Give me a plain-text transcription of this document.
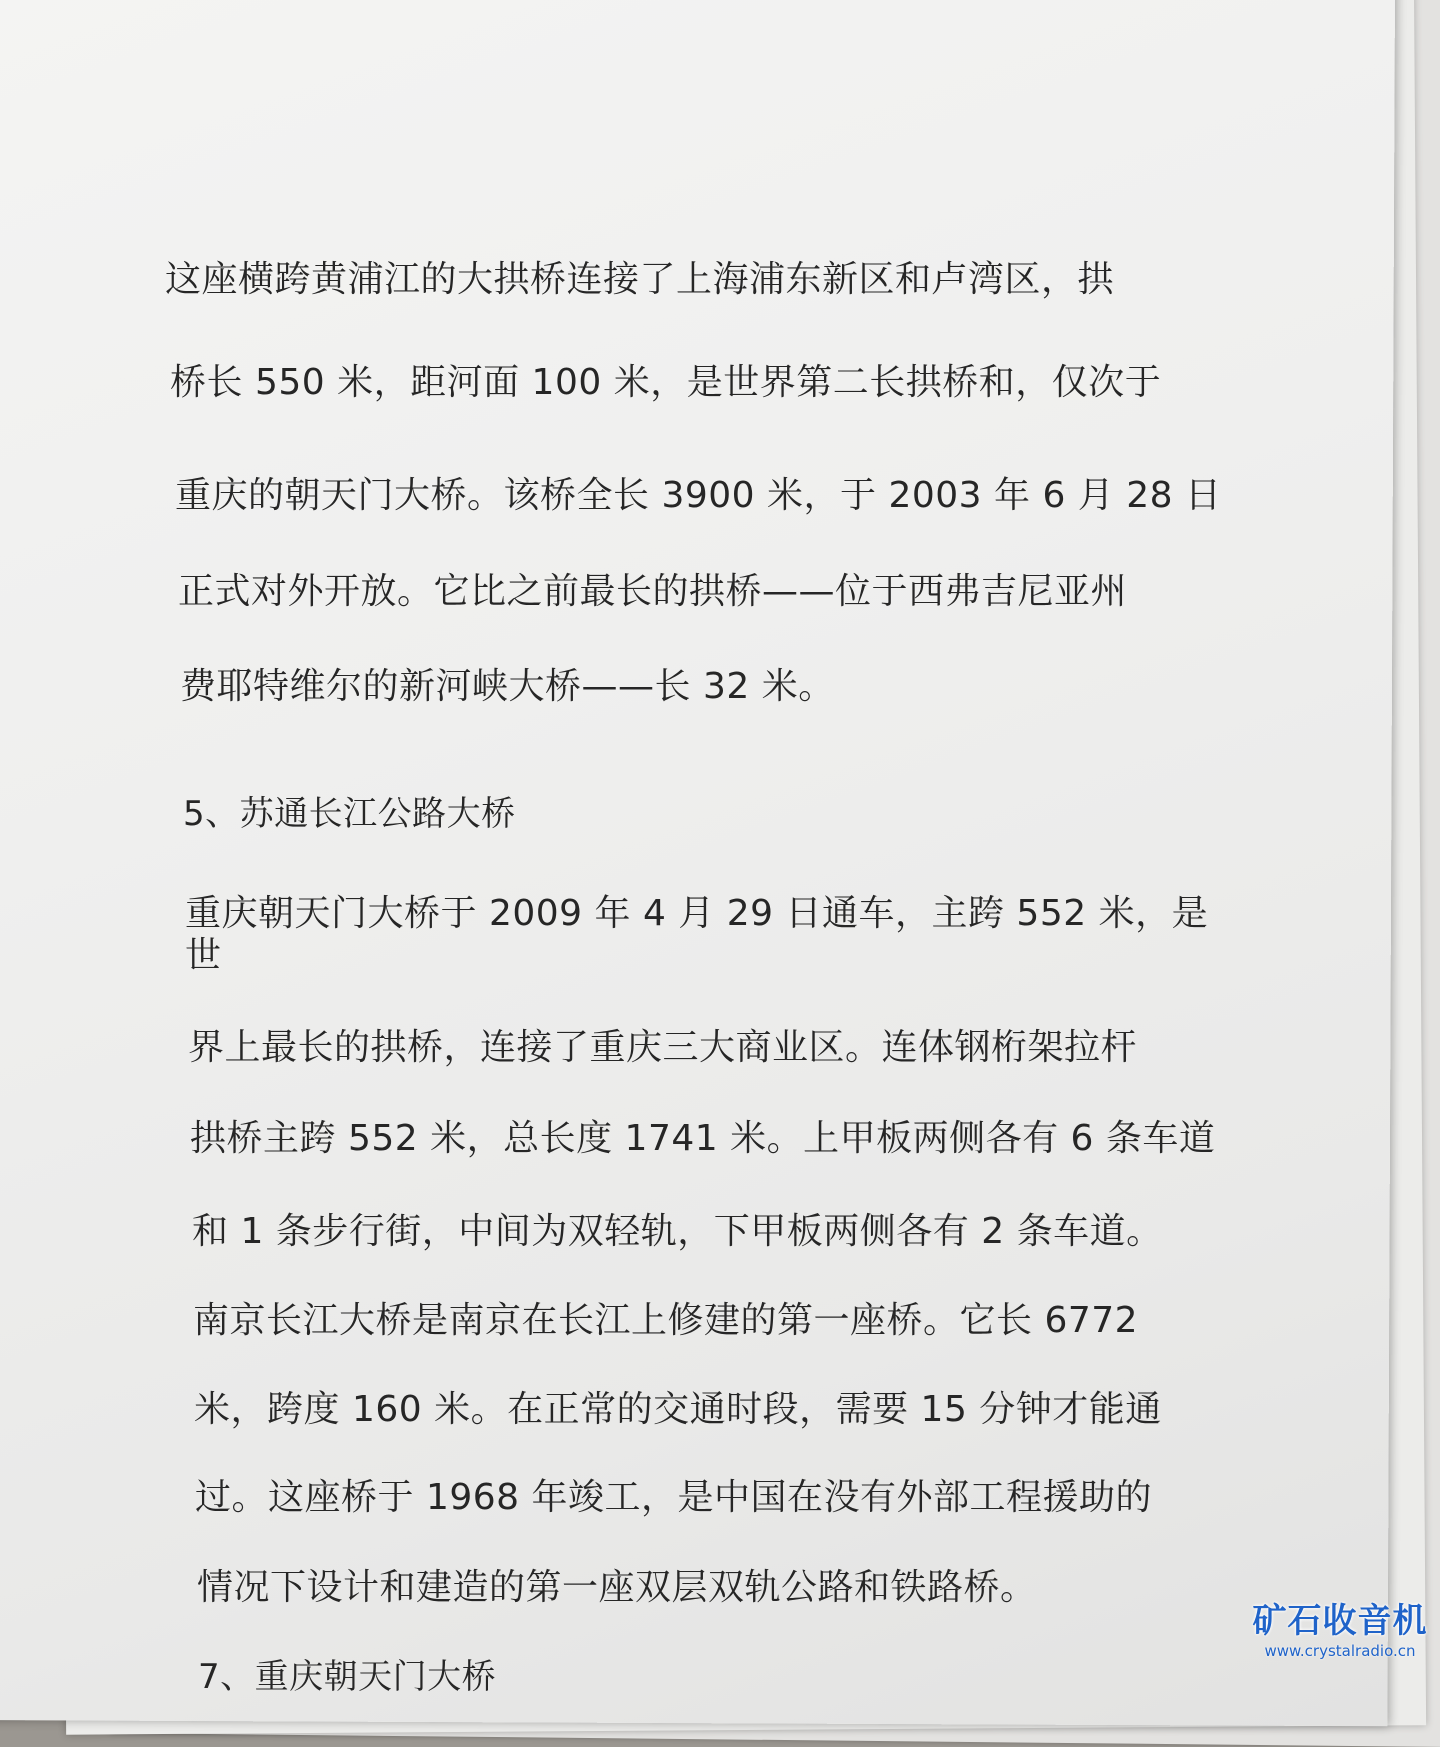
这座横跨黄浦江的大拱桥连接了上海浦东新区和卢湾区，拱

桥长 550 米，距河面 100 米，是世界第二长拱桥和，仅次于

重庆的朝天门大桥。该桥全长 3900 米，于 2003 年 6 月 28 日

正式对外开放。它比之前最长的拱桥——位于西弗吉尼亚州

费耶特维尔的新河峡大桥——长 32 米。

5、苏通长江公路大桥

重庆朝天门大桥于 2009 年 4 月 29 日通车，主跨 552 米，是

世

界上最长的拱桥，连接了重庆三大商业区。连体钢桁架拉杆

拱桥主跨 552 米，总长度 1741 米。上甲板两侧各有 6 条车道

和 1 条步行街，中间为双轻轨，下甲板两侧各有 2 条车道。

南京长江大桥是南京在长江上修建的第一座桥。它长 6772

米，跨度 160 米。在正常的交通时段，需要 15 分钟才能通

过。这座桥于 1968 年竣工，是中国在没有外部工程援助的

情况下设计和建造的第一座双层双轨公路和铁路桥。

7、重庆朝天门大桥

矿石收音机
www.crystalradio.cn
